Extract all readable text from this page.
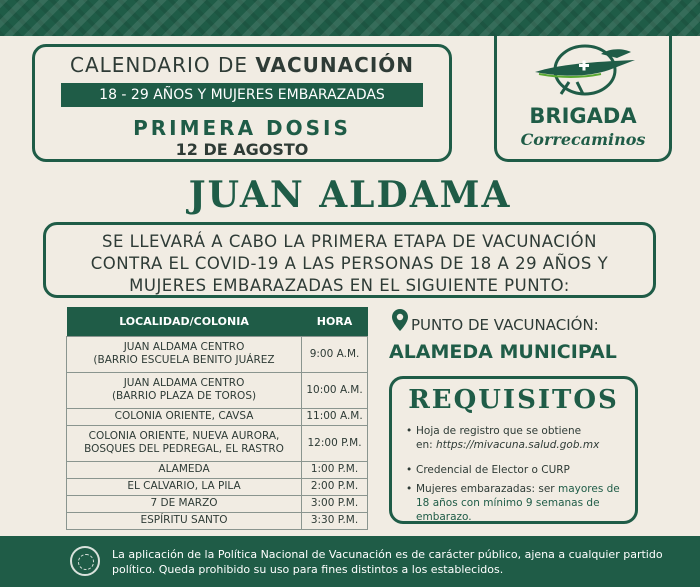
CALENDARIO DE VACUNACIÓN
18 - 29 AÑOS Y MUJERES EMBARAZADAS
PRIMERA DOSIS
12 DE AGOSTO
BRIGADA
Correcaminos
JUAN ALDAMA
SE LLEVARÁ A CABO LA PRIMERA ETAPA DE VACUNACIÓN
CONTRA EL COVID-19 A LAS PERSONAS DE 18 A 29 AÑOS Y
MUJERES EMBARAZADAS EN EL SIGUIENTE PUNTO:
LOCALIDAD/COLONIA	HORA
JUAN ALDAMA CENTRO
(BARRIO ESCUELA BENITO JUÁREZ	9:00 A.M.
JUAN ALDAMA CENTRO
(BARRIO PLAZA DE TOROS)	10:00 A.M.
COLONIA ORIENTE, CAVSA	11:00 A.M.
COLONIA ORIENTE, NUEVA AURORA,
BOSQUES DEL PEDREGAL, EL RASTRO	12:00 P.M.
ALAMEDA	1:00 P.M.
EL CALVARIO, LA PILA	2:00 P.M.
7 DE MARZO	3:00 P.M.
ESPÍRITU SANTO	3:30 P.M.
PUNTO DE VACUNACIÓN:
ALAMEDA MUNICIPAL
REQUISITOS
• Hoja de registro que se obtiene
en: https://mivacuna.salud.gob.mx
• Credencial de Elector o CURP
• Mujeres embarazadas: ser mayores de 18 años con mínimo 9 semanas de embarazo.
La aplicación de la Política Nacional de Vacunación es de carácter público, ajena a cualquier partido político. Queda prohibido su uso para fines distintos a los establecidos.
